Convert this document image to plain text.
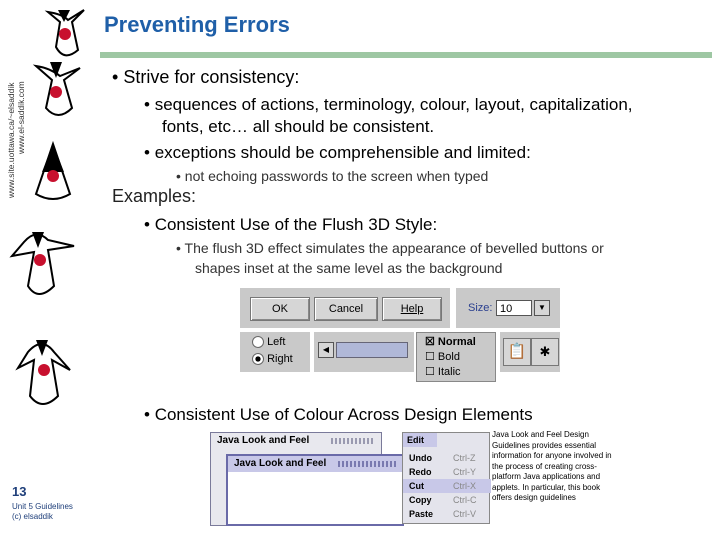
www.site.uottawa.ca/~elsaddik www.el-saddik.com
Preventing Errors
• Strive for consistency:
• sequences of actions, terminology, colour, layout, capitalization,
fonts, etc… all should be consistent.
• exceptions should be comprehensible and limited:
• not echoing passwords to the screen when typed
Examples:
• Consistent Use of the Flush 3D Style:
• The flush 3D effect simulates the appearance of bevelled buttons or
shapes inset at the same level as the background
OK	Cancel	Help	Size: 10	▼
Left
Right
◀
☒ Normal
☐ Bold
☐ Italic
📋	✱
• Consistent Use of Colour Across Design Elements
Java Look and Feel
Java Look and Feel
Edit
Undo Ctrl-Z
Redo Ctrl-Y
Cut	Ctrl-X
Copy Ctrl-C
Paste Ctrl-V
Java Look and Feel Design Guidelines provides essential information for anyone involved in the process of creating cross-platform Java applications and applets. In particular, this book offers design guidelines
13
Unit 5 Guidelines
(c) elsaddik
